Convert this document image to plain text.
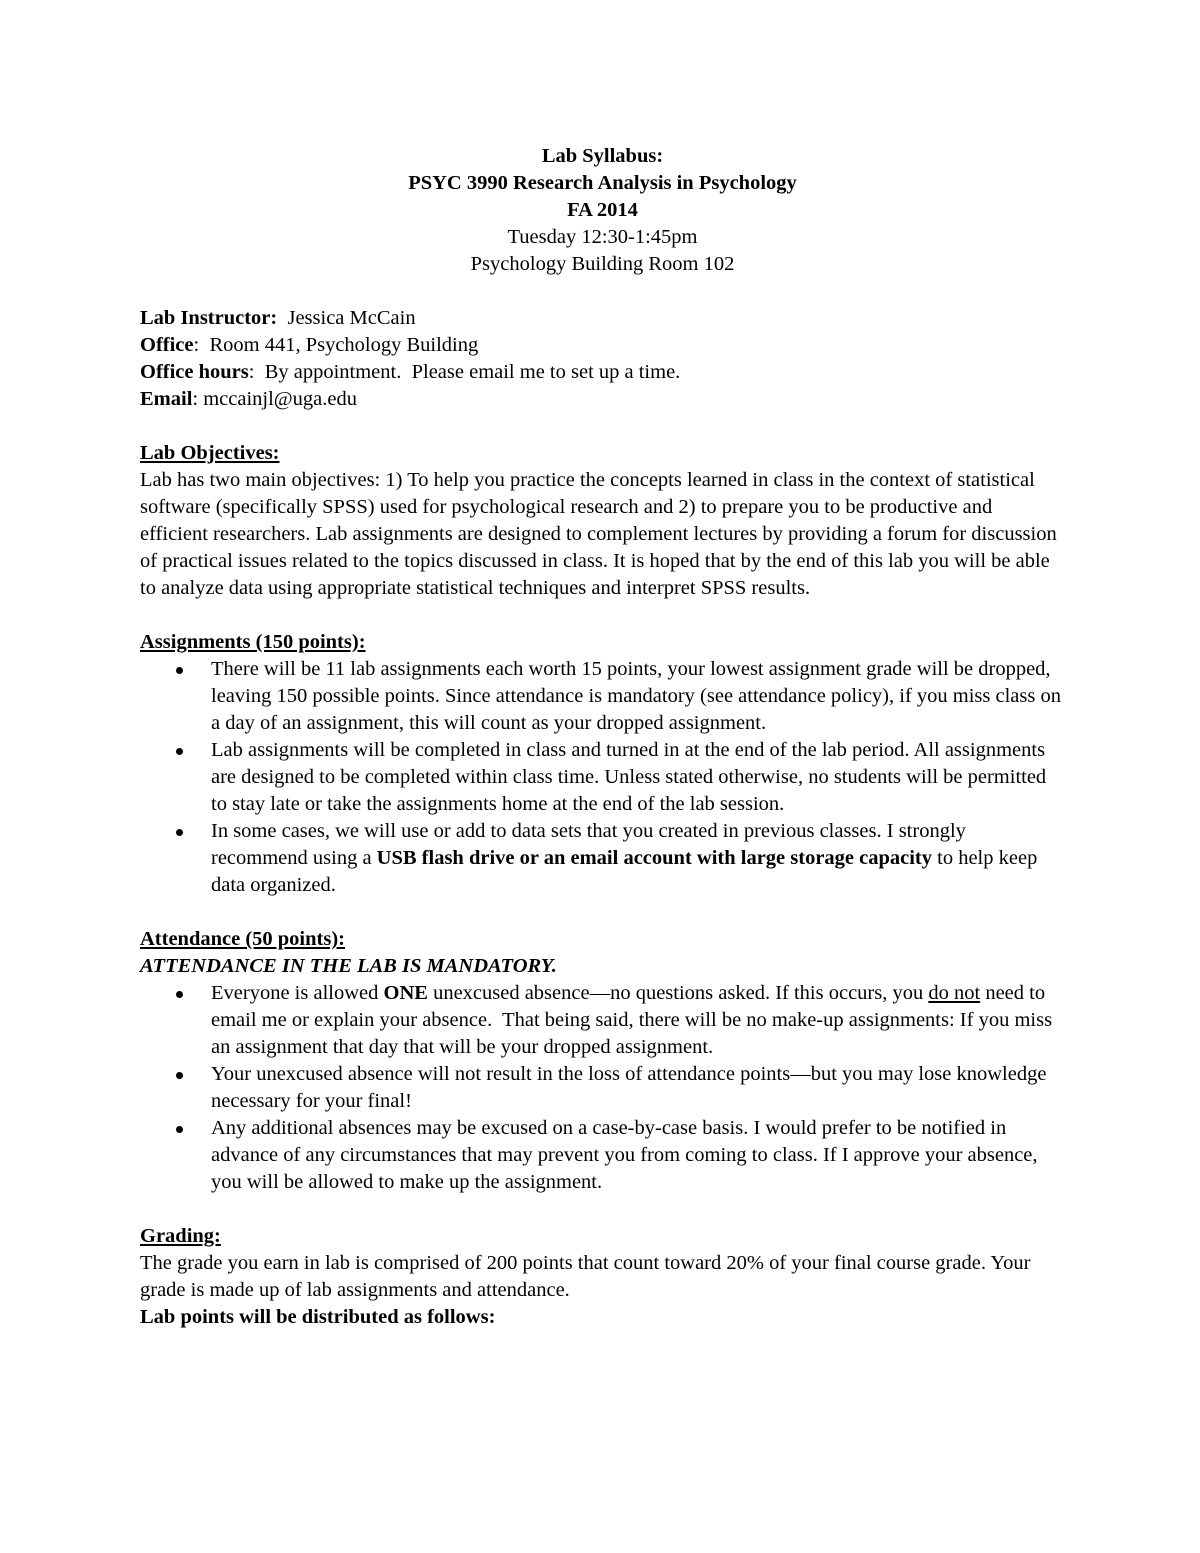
Lab Syllabus:

PSYC 3990 Research Analysis in Psychology

FA 2014

Tuesday 12:30-1:45pm

Psychology Building Room 102

Lab Instructor:  Jessica McCain

Office:  Room 441, Psychology Building

Office hours:  By appointment.  Please email me to set up a time.

Email: mccainjl@uga.edu

Lab Objectives:

Lab has two main objectives: 1) To help you practice the concepts learned in class in the context of statistical software (specifically SPSS) used for psychological research and 2) to prepare you to be productive and efficient researchers. Lab assignments are designed to complement lectures by providing a forum for discussion of practical issues related to the topics discussed in class. It is hoped that by the end of this lab you will be able to analyze data using appropriate statistical techniques and interpret SPSS results.

Assignments (150 points):

There will be 11 lab assignments each worth 15 points, your lowest assignment grade will be dropped, leaving 150 possible points. Since attendance is mandatory (see attendance policy), if you miss class on a day of an assignment, this will count as your dropped assignment.
Lab assignments will be completed in class and turned in at the end of the lab period. All assignments are designed to be completed within class time. Unless stated otherwise, no students will be permitted to stay late or take the assignments home at the end of the lab session.
In some cases, we will use or add to data sets that you created in previous classes. I strongly recommend using a USB flash drive or an email account with large storage capacity to help keep data organized.

Attendance (50 points):

ATTENDANCE IN THE LAB IS MANDATORY.

Everyone is allowed ONE unexcused absence—no questions asked. If this occurs, you do not need to email me or explain your absence.  That being said, there will be no make-up assignments: If you miss an assignment that day that will be your dropped assignment.
Your unexcused absence will not result in the loss of attendance points—but you may lose knowledge necessary for your final!
Any additional absences may be excused on a case-by-case basis. I would prefer to be notified in advance of any circumstances that may prevent you from coming to class. If I approve your absence, you will be allowed to make up the assignment.

Grading:

The grade you earn in lab is comprised of 200 points that count toward 20% of your final course grade. Your grade is made up of lab assignments and attendance.

Lab points will be distributed as follows:
